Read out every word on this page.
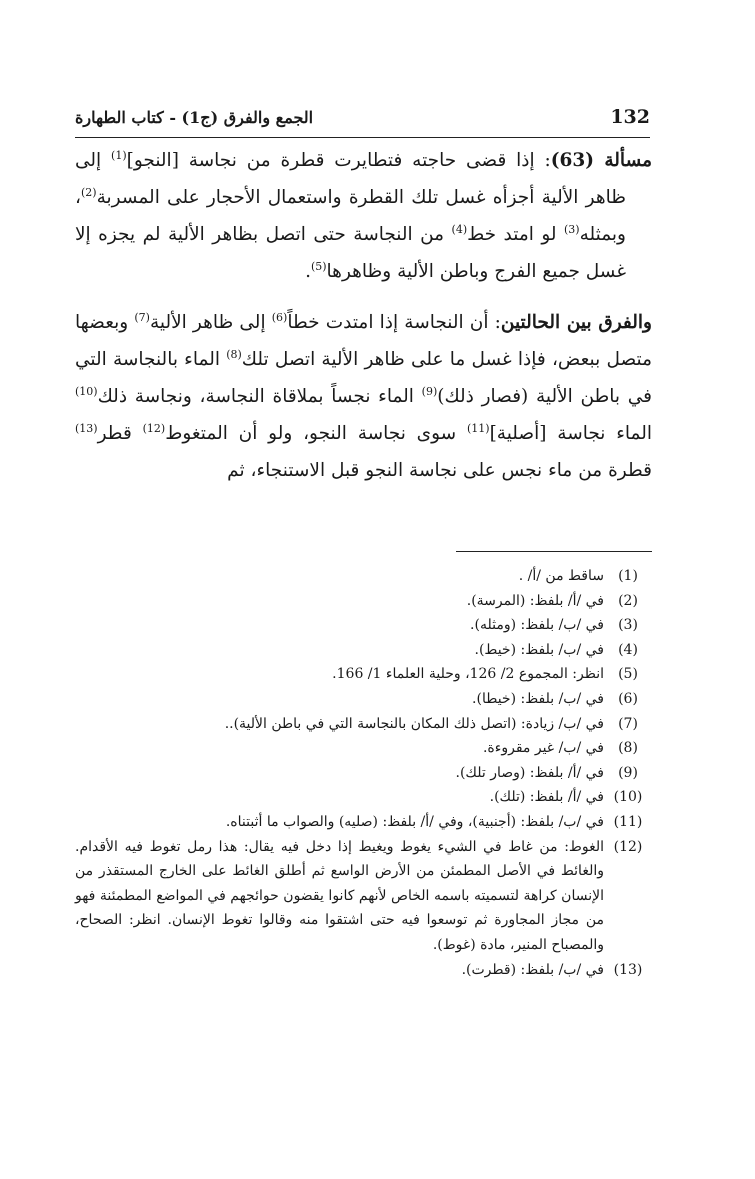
132
الجمع والفرق (ج1) - كتاب الطهارة

مسألة (63): إذا قضى حاجته فتطايرت قطرة من نجاسة [النجو]$^{(1)}$ إلى ظاهر الألية أجزأه غسل تلك القطرة واستعمال الأحجار على المسربة$^{(2)}$، وبمثله$^{(3)}$ لو امتد خط$^{(4)}$ من النجاسة حتى اتصل بظاهر الألية لم يجزه إلا غسل جميع الفرج وباطن الألية وظاهرها$^{(5)}$.

والفرق بين الحالتين: أن النجاسة إذا امتدت خطاً$^{(6)}$ إلى ظاهر الألية$^{(7)}$ وبعضها متصل ببعض، فإذا غسل ما على ظاهر الألية اتصل تلك$^{(8)}$ الماء بالنجاسة التي في باطن الألية (فصار ذلك)$^{(9)}$ الماء نجساً بملاقاة النجاسة، ونجاسة ذلك$^{(10)}$ الماء نجاسة [أصلية]$^{(11)}$ سوى نجاسة النجو، ولو أن المتغوط$^{(12)}$ قطر$^{(13)}$ قطرة من ماء نجس على نجاسة النجو قبل الاستنجاء، ثم

(1)
ساقط من /أ/ .
(2)
في /أ/ بلفظ: (المرسة).
(3)
في /ب/ بلفظ: (ومثله).
(4)
في /ب/ بلفظ: (خيط).
(5)
انظر: المجموع 2/ 126، وحلية العلماء 1/ 166.
(6)
في /ب/ بلفظ: (خيطا).
(7)
في /ب/ زيادة: (اتصل ذلك المكان بالنجاسة التي في باطن الألية)..
(8)
في /ب/ غير مقروءة.
(9)
في /أ/ بلفظ: (وصار تلك).
(10)
في /أ/ بلفظ: (تلك).
(11)
في /ب/ بلفظ: (أجنبية)، وفي /أ/ بلفظ: (صليه) والصواب ما أثبتناه.
(12)
الغوط: من غاط في الشيء يغوط ويغيط إذا دخل فيه يقال: هذا رمل تغوط فيه الأقدام. والغائط في الأصل المطمئن من الأرض الواسع ثم أطلق الغائط على الخارج المستقذر من الإنسان كراهة لتسميته باسمه الخاص لأنهم كانوا يقضون حوائجهم في المواضع المطمئنة فهو من مجاز المجاورة ثم توسعوا فيه حتى اشتقوا منه وقالوا تغوط الإنسان. انظر: الصحاح، والمصباح المنير، مادة (غوط).
(13)
في /ب/ بلفظ: (قطرت).
